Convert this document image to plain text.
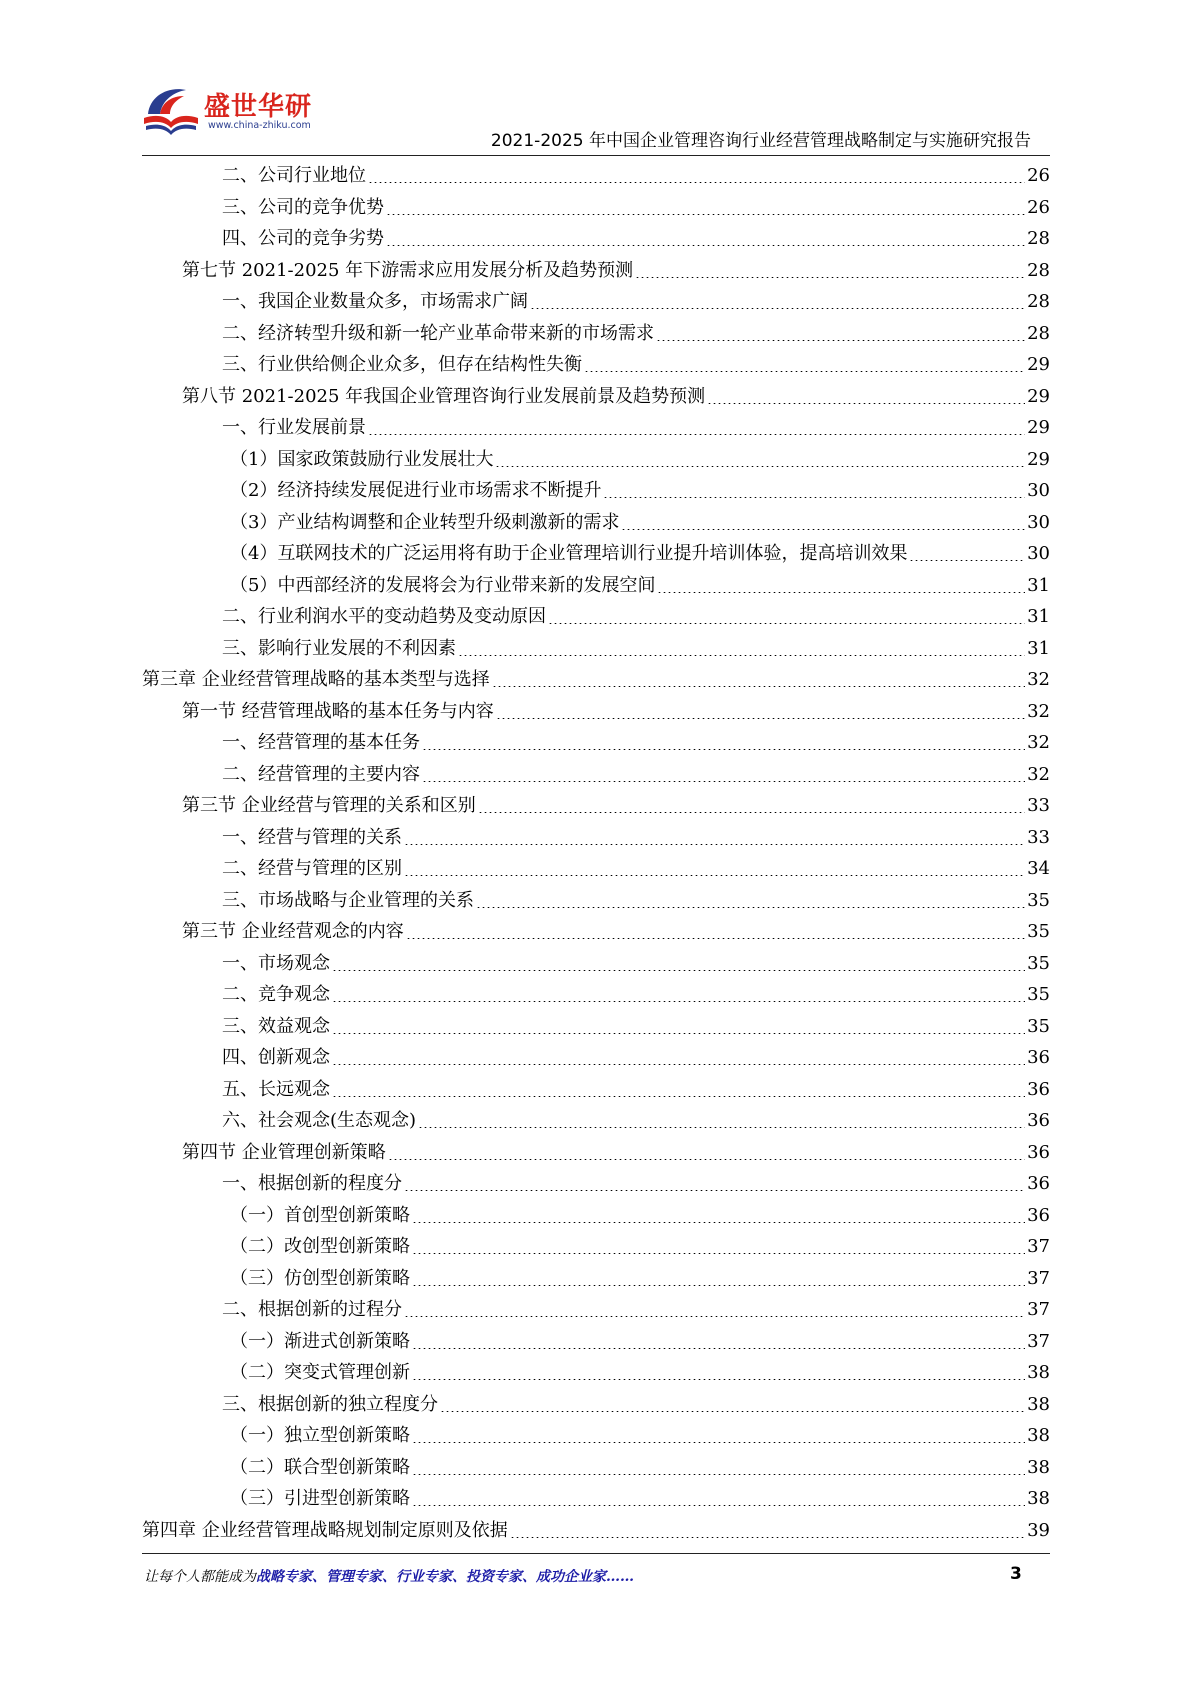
盛世华研
www.china-zhiku.com
2021-2025 年中国企业管理咨询行业经营管理战略制定与实施研究报告
二、公司行业地位	26
三、公司的竞争优势	26
四、公司的竞争劣势	28
第七节 2021-2025 年下游需求应用发展分析及趋势预测	28
一、我国企业数量众多，市场需求广阔	28
二、经济转型升级和新一轮产业革命带来新的市场需求	28
三、行业供给侧企业众多，但存在结构性失衡	29
第八节 2021-2025 年我国企业管理咨询行业发展前景及趋势预测	29
一、行业发展前景	29
（1）国家政策鼓励行业发展壮大	29
（2）经济持续发展促进行业市场需求不断提升	30
（3）产业结构调整和企业转型升级刺激新的需求	30
（4）互联网技术的广泛运用将有助于企业管理培训行业提升培训体验，提高培训效果	30
（5）中西部经济的发展将会为行业带来新的发展空间	31
二、行业利润水平的变动趋势及变动原因	31
三、影响行业发展的不利因素	31
第三章 企业经营管理战略的基本类型与选择	32
第一节 经营管理战略的基本任务与内容	32
一、经营管理的基本任务	32
二、经营管理的主要内容	32
第三节 企业经营与管理的关系和区别	33
一、经营与管理的关系	33
二、经营与管理的区别	34
三、市场战略与企业管理的关系	35
第三节 企业经营观念的内容	35
一、市场观念	35
二、竞争观念	35
三、效益观念	35
四、创新观念	36
五、长远观念	36
六、社会观念(生态观念)	36
第四节 企业管理创新策略	36
一、根据创新的程度分	36
（一）首创型创新策略	36
（二）改创型创新策略	37
（三）仿创型创新策略	37
二、根据创新的过程分	37
（一）渐进式创新策略	37
（二）突变式管理创新	38
三、根据创新的独立程度分	38
（一）独立型创新策略	38
（二）联合型创新策略	38
（三）引进型创新策略	38
第四章 企业经营管理战略规划制定原则及依据	39
让每个人都能成为战略专家、管理专家、行业专家、投资专家、成功企业家……	3
